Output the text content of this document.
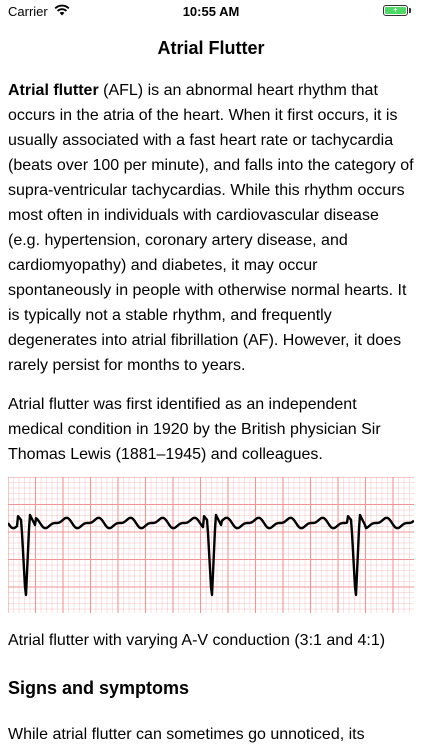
Carrier	10:55 AM	+
Atrial Flutter

Atrial flutter (AFL) is an abnormal heart rhythm that occurs in the atria of the heart. When it first occurs, it is usually associated with a fast heart rate or tachycardia (beats over 100 per minute), and falls into the category of supra-ventricular tachycardias. While this rhythm occurs most often in individuals with cardiovascular disease (e.g. hypertension, coronary artery disease, and cardiomyopathy) and diabetes, it may occur spontaneously in people with otherwise normal hearts. It is typically not a stable rhythm, and frequently degenerates into atrial fibrillation (AF). However, it does rarely persist for months to years.

Atrial flutter was first identified as an independent medical condition in 1920 by the British physician Sir Thomas Lewis (1881–1945) and colleagues.

Atrial flutter with varying A-V conduction (3:1 and 4:1)
Signs and symptoms
While atrial flutter can sometimes go unnoticed, its
